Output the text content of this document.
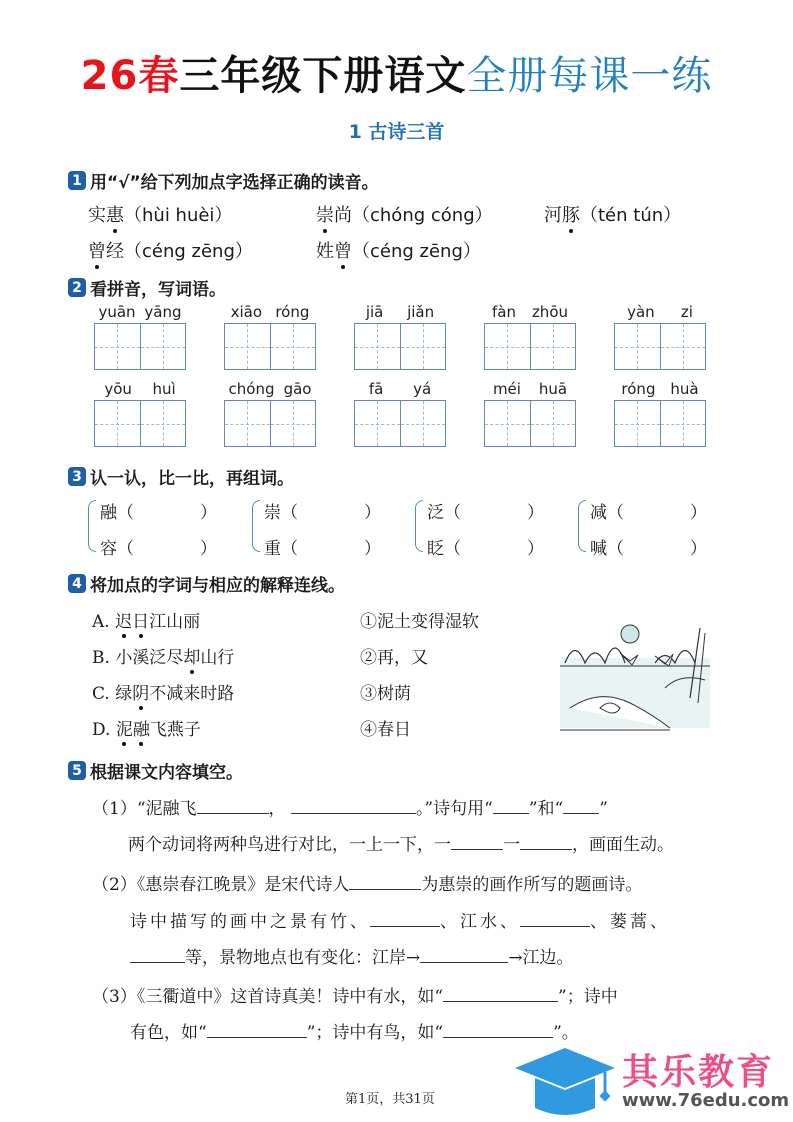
26春三年级下册语文全册每课一练
1 古诗三首
1 用“√”给下列加点字选择正确的读音。
实惠（hùi huèi）	崇尚（chóng cóng）	河豚（tén tún）
曾经（céng zēng）	姓曾（céng zēng）
2 看拼音，写词语。
yuān yāng	xiāo róng	jiā jiǎn	fàn zhōu	yàn zi
yōu huì	chóng gāo	fā yá	méi huā	róng huà
3 认一认，比一比，再组词。
融（	）
容（	）
崇（	）
重（	）
泛（	）
眨（	）
减（	）
喊（	）
4 将加点的字词与相应的解释连线。
A. 迟日江山丽
B. 小溪泛尽却山行
C. 绿阴不减来时路
D. 泥融飞燕子
①泥土变得湿软
②再，又
③树荫
④春日
5 根据课文内容填空。
（1）“泥融飞	，	。”诗句用“ ”和“ ”
两个动词将两种鸟进行对比，一上一下，一	一	，画面生动。
（2）《惠崇春江晚景》是宋代诗人	为惠崇的画作所写的题画诗。
诗中描写的画中之景有竹、	、江水、	、蒌蒿、
等，景物地点也有变化：江岸→	→江边。
（3）《三衢道中》这首诗真美！诗中有水，如“	”；诗中
有色，如“	”；诗中有鸟，如“	”。
第1页，共31页
其乐教育
www.76edu.com
